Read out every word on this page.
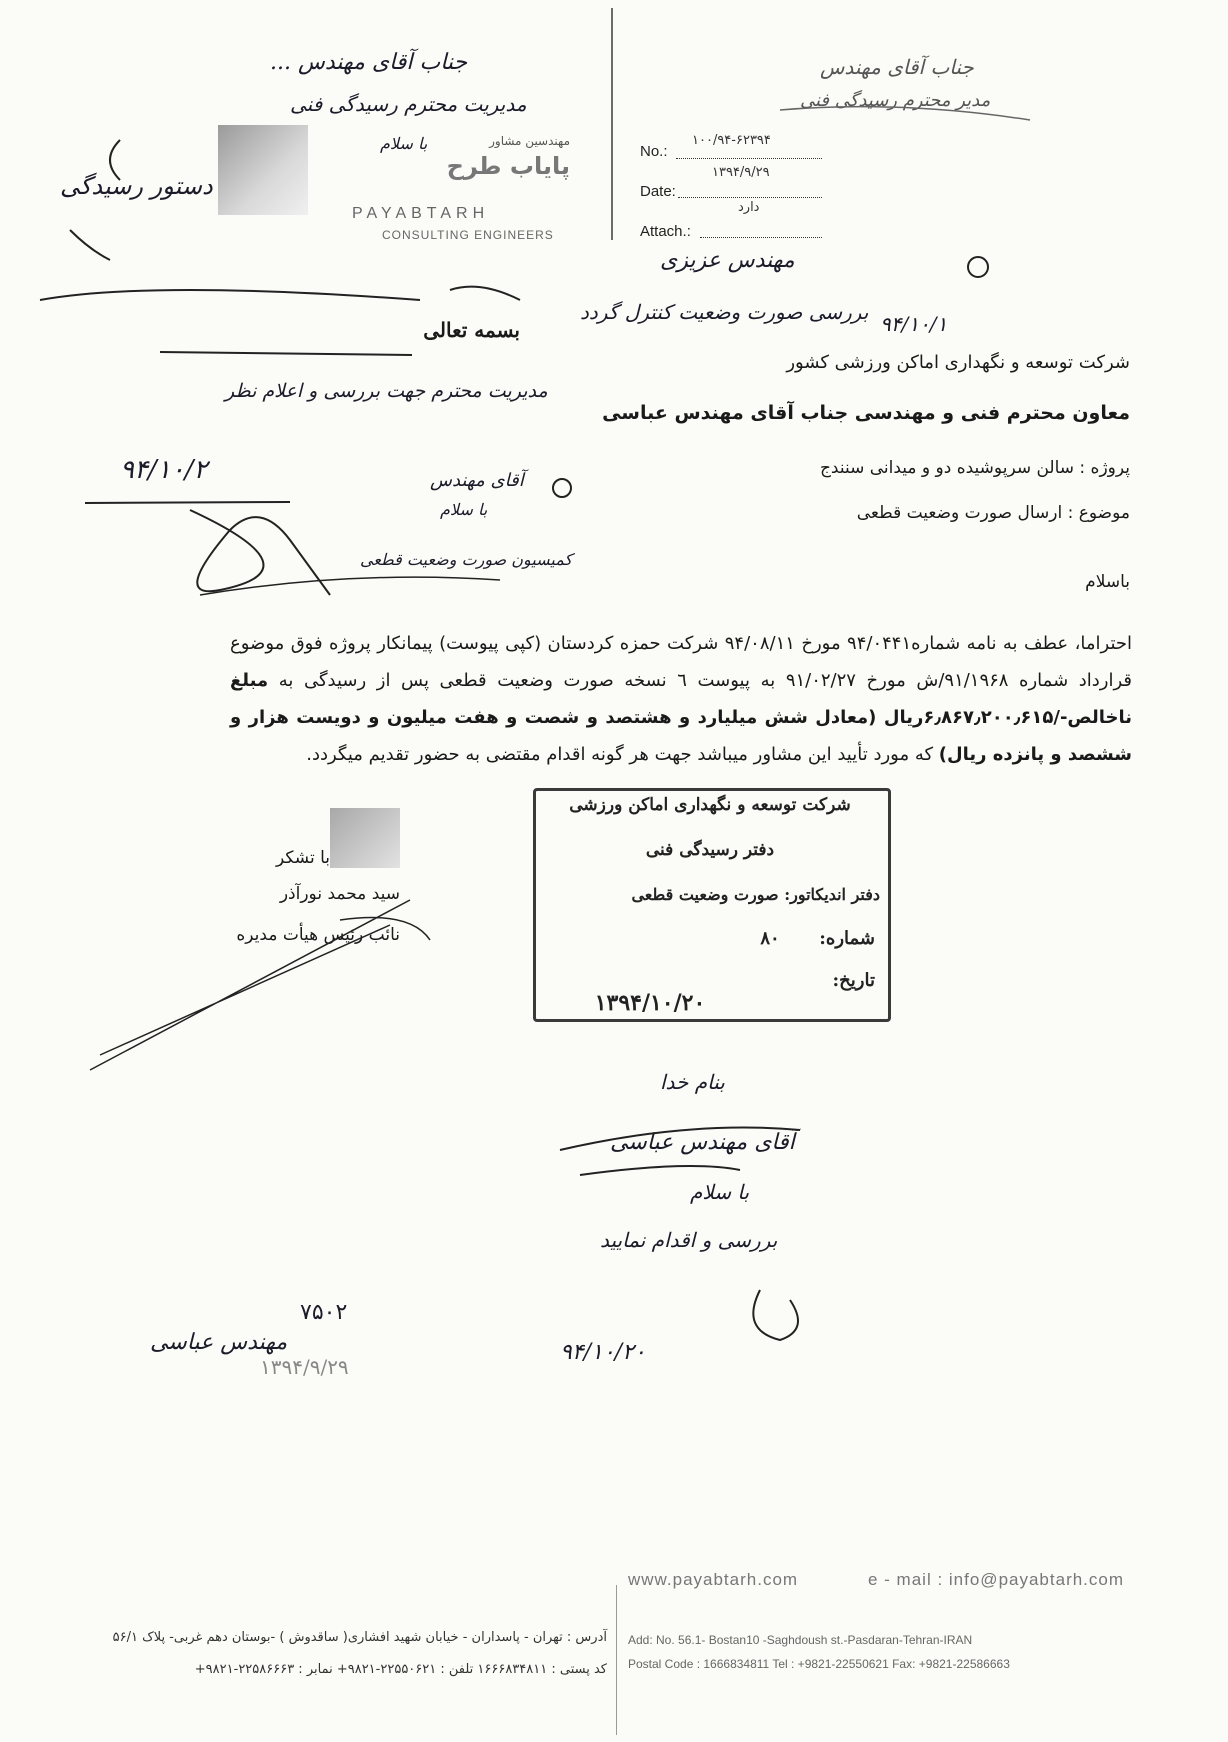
مهندسین مشاور
پایاب طرح
PAYABTARH
CONSULTING ENGINEERS
No.:
۱۰۰/۹۴-۶۲۳۹۴
Date:
۱۳۹۴/۹/۲۹
دارد
Attach.:
جناب آقای مهندس ...
مدیریت محترم رسیدگی فنی
با سلام
دستور رسیدگی
جناب آقای مهندس
مدیر محترم رسیدگی فنی
مهندس عزیزی
۹۴/۱۰/۱
بررسی صورت وضعیت کنترل گردد
بسمه تعالی
شرکت توسعه و نگهداری اماکن ورزشی کشور
مدیریت محترم جهت بررسی و اعلام نظر
معاون محترم فنی و مهندسی جناب آقای مهندس عباسی
۹۴/۱۰/۲	آقای مهندس
با سلام
کمیسیون صورت وضعیت قطعی
پروژه : سالن سرپوشیده دو و میدانی سنندج
موضوع : ارسال صورت وضعیت قطعی
باسلام
احتراما، عطف به نامه شماره۹۴/۰۴۴۱ مورخ ۹۴/۰۸/۱۱ شرکت حمزه کردستان (کپی پیوست) پیمانکار پروژه فوق موضوع قرارداد شماره ۹۱/۱۹۶۸/ش مورخ ۹۱/۰۲/۲۷ به پیوست ٦ نسخه صورت وضعیت قطعی پس از رسیدگی به مبلغ ناخالص-/۶٫۸۶۷٫۲۰۰٫۶۱۵ریال (معادل شش میلیارد و هشتصد و شصت و هفت میلیون و دویست هزار و ششصد و پانزده ریال) که مورد تأیید این مشاور میباشد جهت هر گونه اقدام مقتضی به حضور تقدیم میگردد.
با تشکر
سید محمد نورآذر
نائب رئیس هیأت مدیره
شرکت توسعه و نگهداری اماکن ورزشی
دفتر رسیدگی فنی
دفتر اندیکاتور: صورت وضعیت قطعی
شماره:
۸۰
تاریخ:
۱۳۹۴/۱۰/۲۰
بنام خدا
آقای مهندس عباسی
با سلام
بررسی و اقدام نمایید
۹۴/۱۰/۲۰
۷۵۰۲
مهندس عباسی
۱۳۹۴/۹/۲۹
www.payabtarh.com	e - mail : info@payabtarh.com
آدرس : تهران - پاسداران - خیابان شهید افشاری( ساقدوش ) -بوستان دهم غربی- پلاک ۵۶/۱
کد پستی : ۱۶۶۶۸۳۴۸۱۱ تلفن : ۲۲۵۵۰۶۲۱-۹۸۲۱+ نمابر : ۲۲۵۸۶۶۶۳-۹۸۲۱+
Add: No. 56.1- Bostan10 -Saghdoush st.-Pasdaran-Tehran-IRAN
Postal Code : 1666834811 Tel : +9821-22550621 Fax: +9821-22586663
